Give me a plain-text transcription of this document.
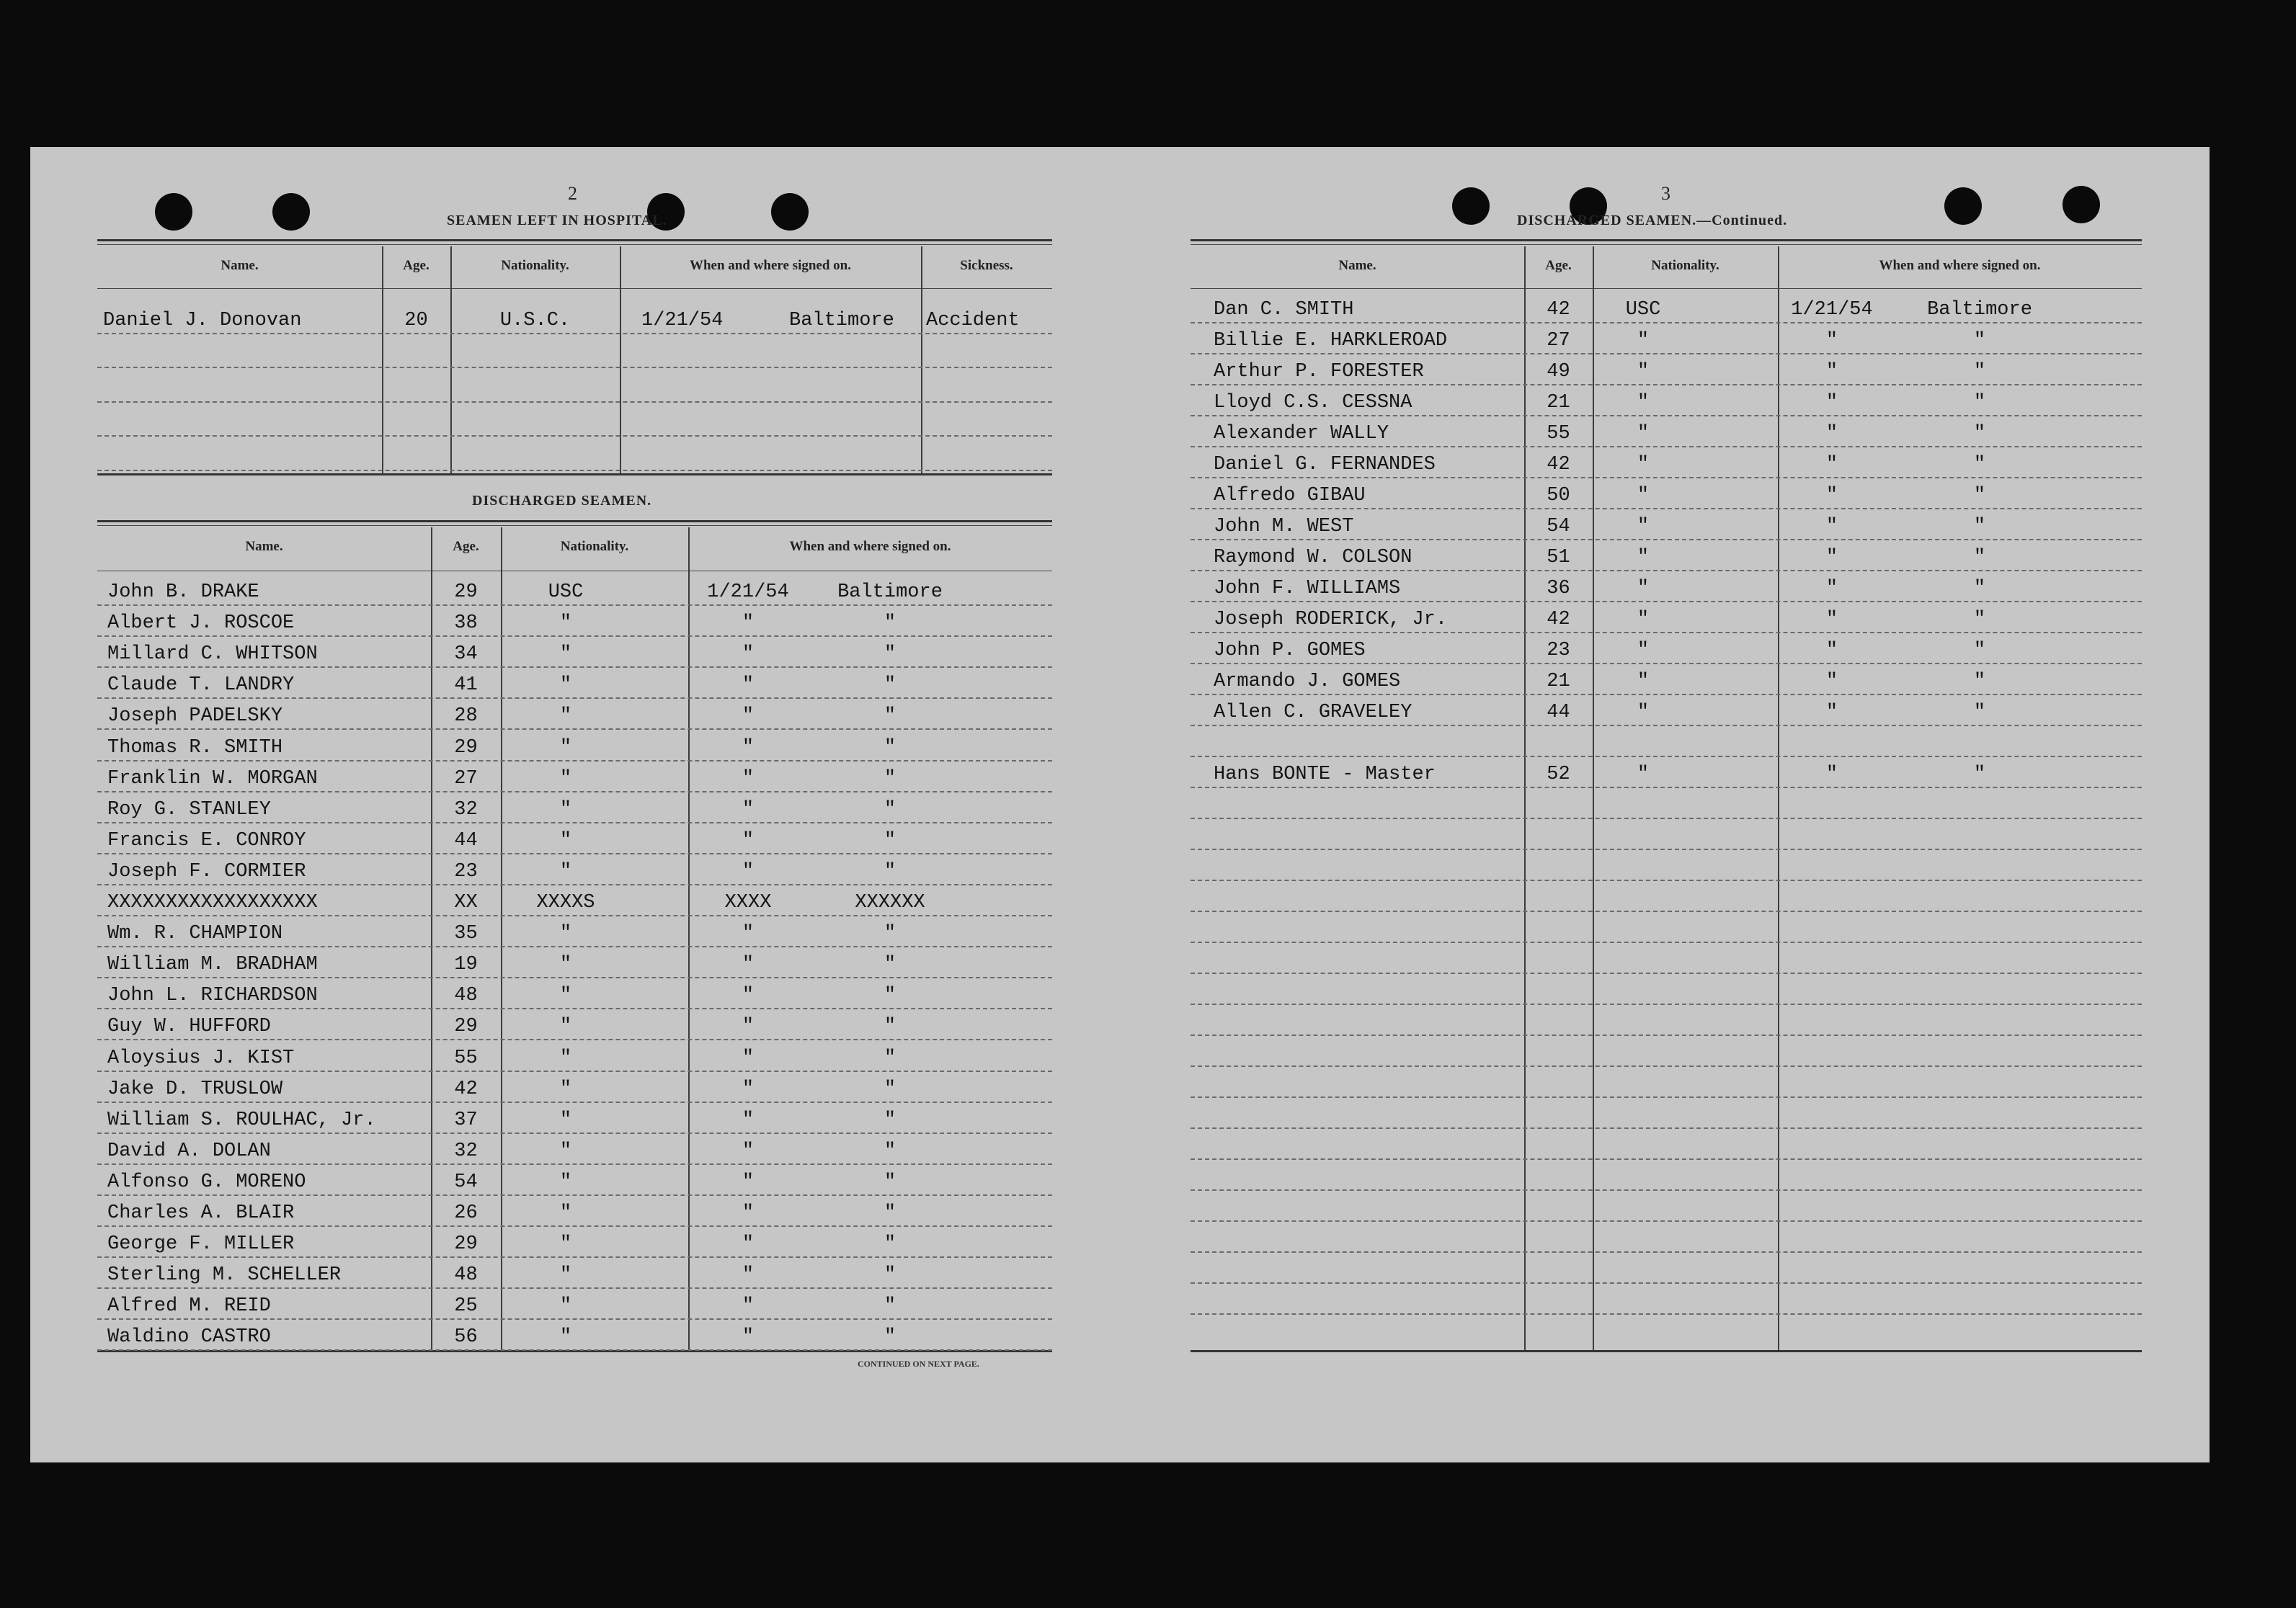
2
SEAMEN LEFT IN HOSPITAL.
Name.	Age.	Nationality.	When and where signed on.	Sickness.
Daniel J. Donovan	20	U.S.C.	1/21/54	Baltimore Accident
DISCHARGED SEAMEN.
Name.	Age.	Nationality.	When and where signed on.
John B. DRAKE	29	USC	1/21/54	Baltimore
Albert J. ROSCOE	38	"	"	"
Millard C. WHITSON	34	"	"	"
Claude T. LANDRY	41	"	"	"
Joseph PADELSKY	28	"	"	"
Thomas R. SMITH	29	"	"	"
Franklin W. MORGAN	27	"	"	"
Roy G. STANLEY	32	"	"	"
Francis E. CONROY	44	"	"	"
Joseph F. CORMIER	23	"	"	"
XXXXXXXXXXXXXXXXXX	XX	XXXXS	XXXX	XXXXXX
Wm. R. CHAMPION	35	"	"	"
William M. BRADHAM	19	"	"	"
John L. RICHARDSON	48	"	"	"
Guy W. HUFFORD	29	"	"	"
Aloysius J. KIST	55	"	"	"
Jake D. TRUSLOW	42	"	"	"
William S. ROULHAC, Jr.	37	"	"	"
David A. DOLAN	32	"	"	"
Alfonso G. MORENO	54	"	"	"
Charles A. BLAIR	26	"	"	"
George F. MILLER	29	"	"	"
Sterling M. SCHELLER	48	"	"	"
Alfred M. REID	25	"	"	"
Waldino CASTRO	56	"	"	"
CONTINUED ON NEXT PAGE.
3
DISCHARGED SEAMEN.—Continued.
Name.	Age.	Nationality.	When and where signed on.
Dan C. SMITH	42	USC	1/21/54	Baltimore
Billie E. HARKLEROAD	27	"	"	"
Arthur P. FORESTER	49	"	"	"
Lloyd C.S. CESSNA	21	"	"	"
Alexander WALLY	55	"	"	"
Daniel G. FERNANDES	42	"	"	"
Alfredo GIBAU	50	"	"	"
John M. WEST	54	"	"	"
Raymond W. COLSON	51	"	"	"
John F. WILLIAMS	36	"	"	"
Joseph RODERICK, Jr.	42	"	"	"
John P. GOMES	23	"	"	"
Armando J. GOMES	21	"	"	"
Allen C. GRAVELEY	44	"	"	"
Hans BONTE - Master	52	"	"	"
